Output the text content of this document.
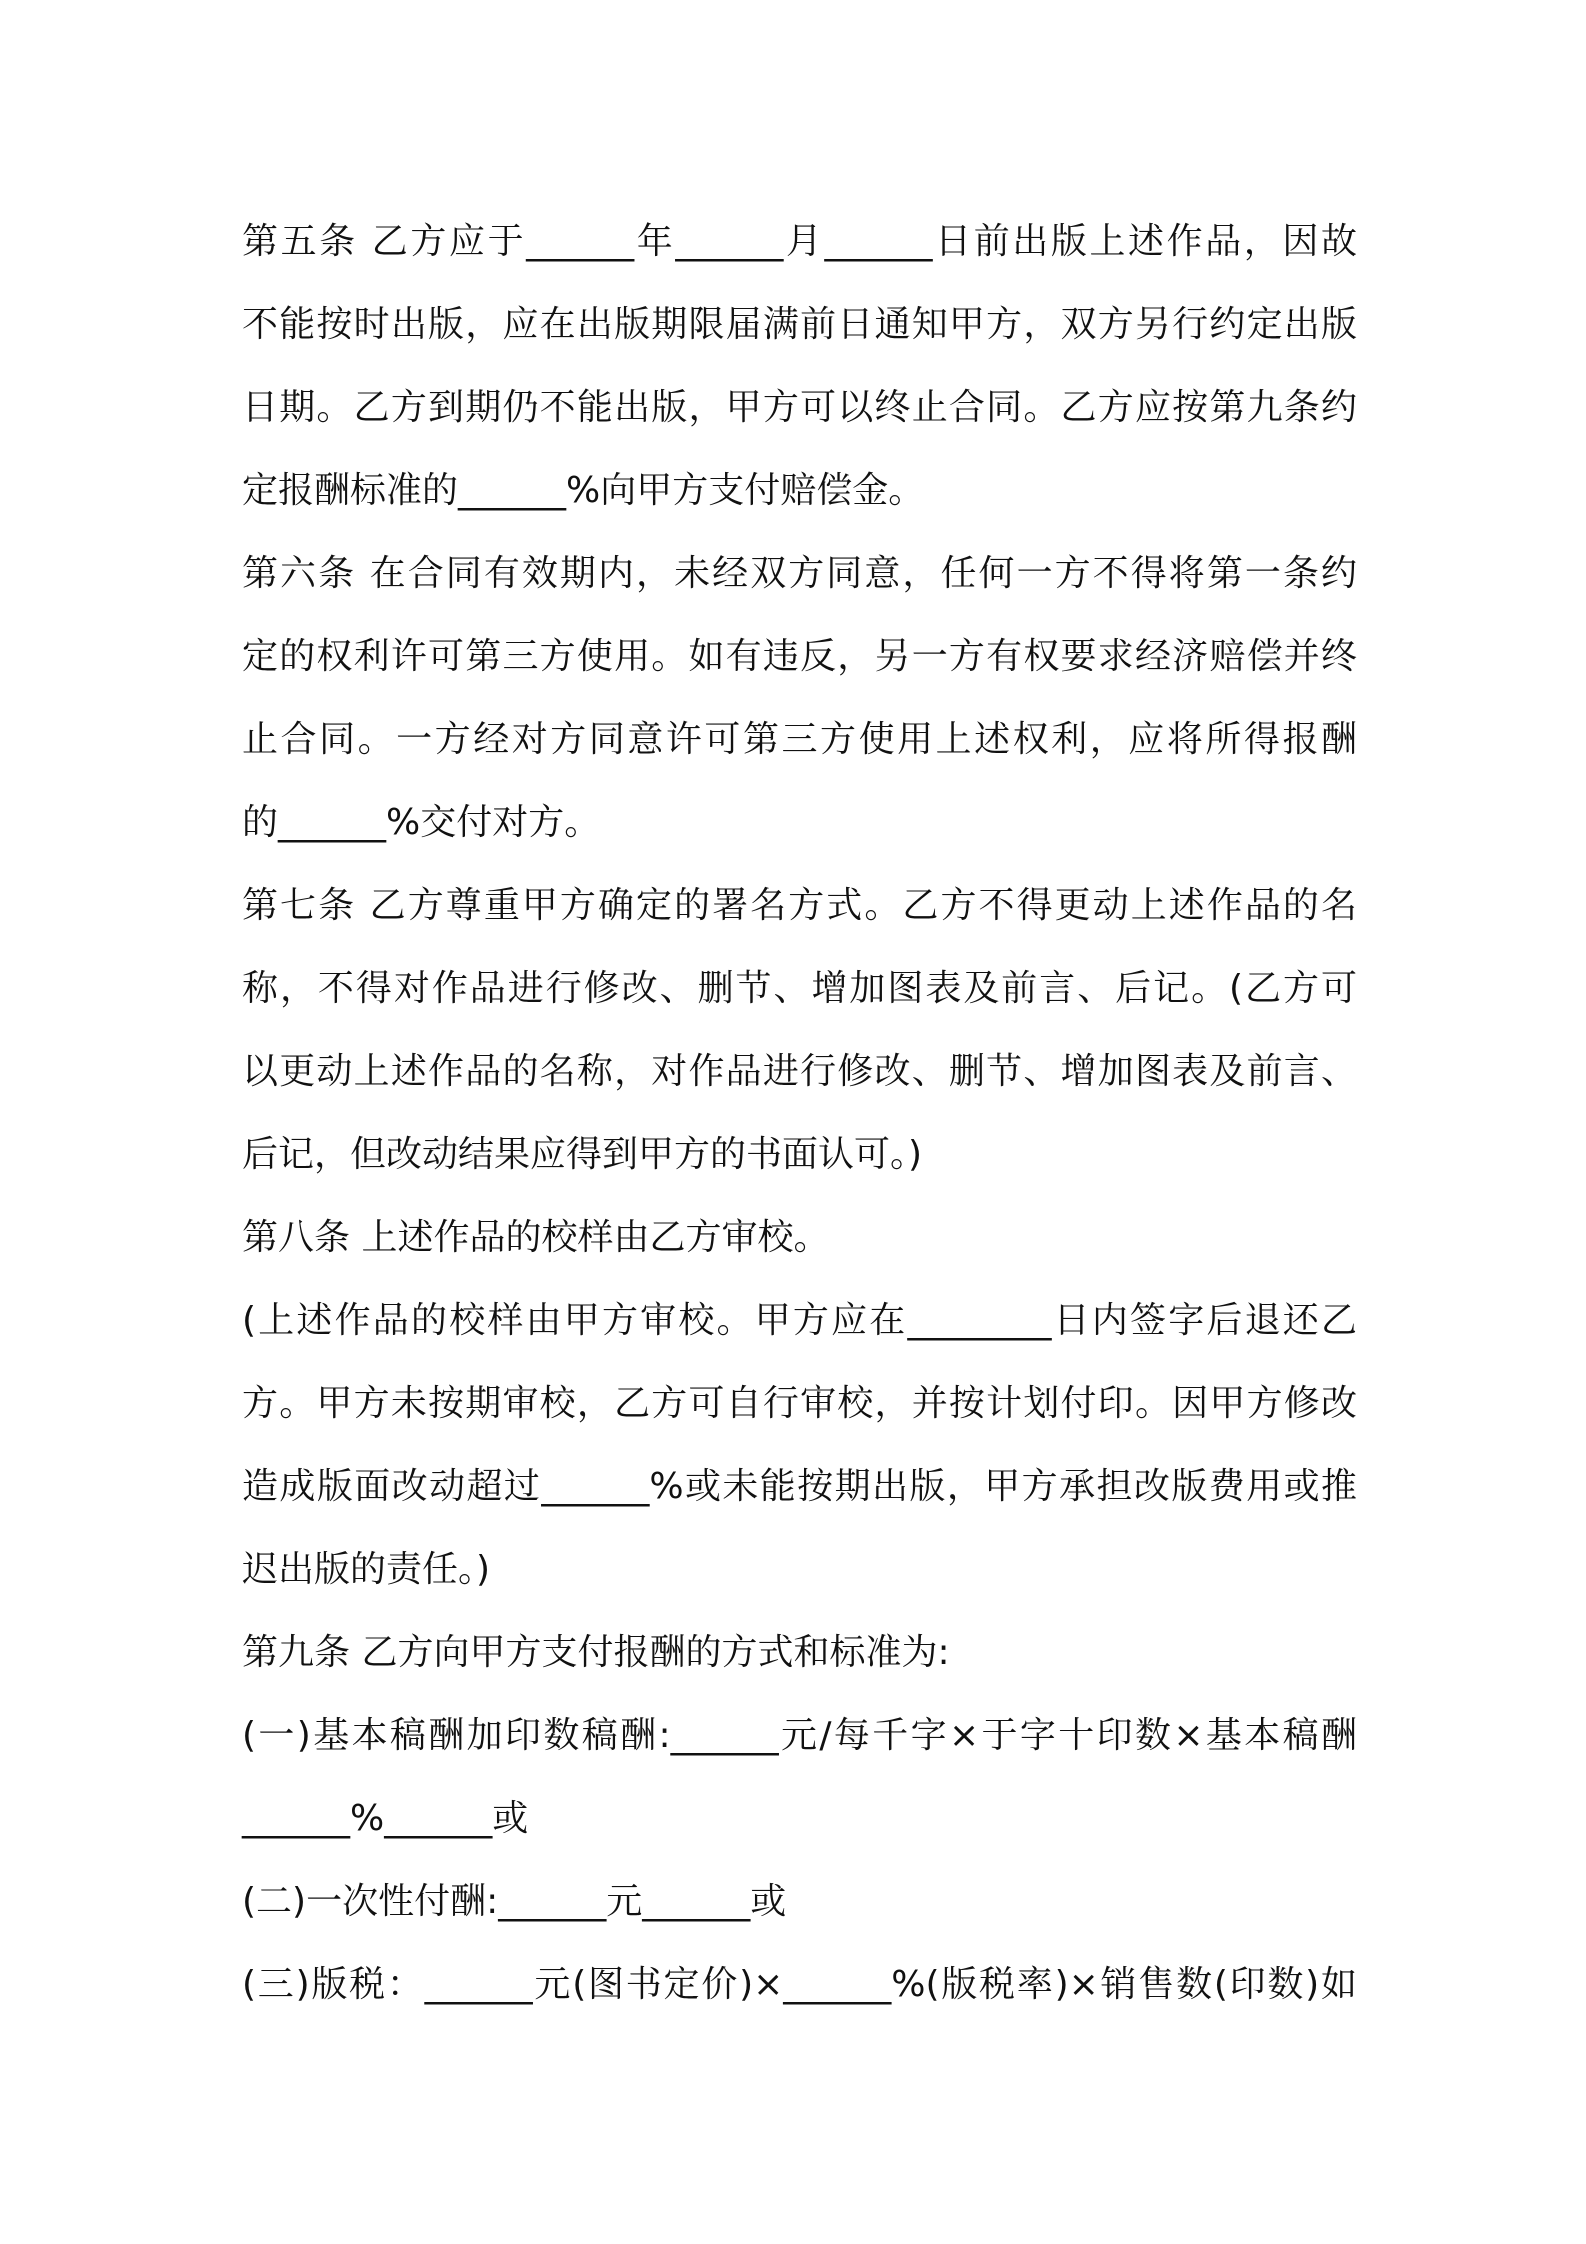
第五条 乙方应于______年______月______日前出版上述作品，因故
不能按时出版，应在出版期限届满前日通知甲方，双方另行约定出版
日期。乙方到期仍不能出版，甲方可以终止合同。乙方应按第九条约
定报酬标准的______%向甲方支付赔偿金。
第六条 在合同有效期内，未经双方同意，任何一方不得将第一条约
定的权利许可第三方使用。如有违反，另一方有权要求经济赔偿并终
止合同。一方经对方同意许可第三方使用上述权利，应将所得报酬
的______%交付对方。
第七条 乙方尊重甲方确定的署名方式。乙方不得更动上述作品的名
称，不得对作品进行修改、删节、增加图表及前言、后记。(乙方可
以更动上述作品的名称，对作品进行修改、删节、增加图表及前言、
后记，但改动结果应得到甲方的书面认可。)
第八条 上述作品的校样由乙方审校。
(上述作品的校样由甲方审校。甲方应在________日内签字后退还乙
方。甲方未按期审校，乙方可自行审校，并按计划付印。因甲方修改
造成版面改动超过______%或未能按期出版，甲方承担改版费用或推
迟出版的责任。)
第九条 乙方向甲方支付报酬的方式和标准为:
(一)基本稿酬加印数稿酬:______元/每千字×于字十印数×基本稿酬
______%______或
(二)一次性付酬:______元______或
(三)版税：______元(图书定价)×______%(版税率)×销售数(印数)如
